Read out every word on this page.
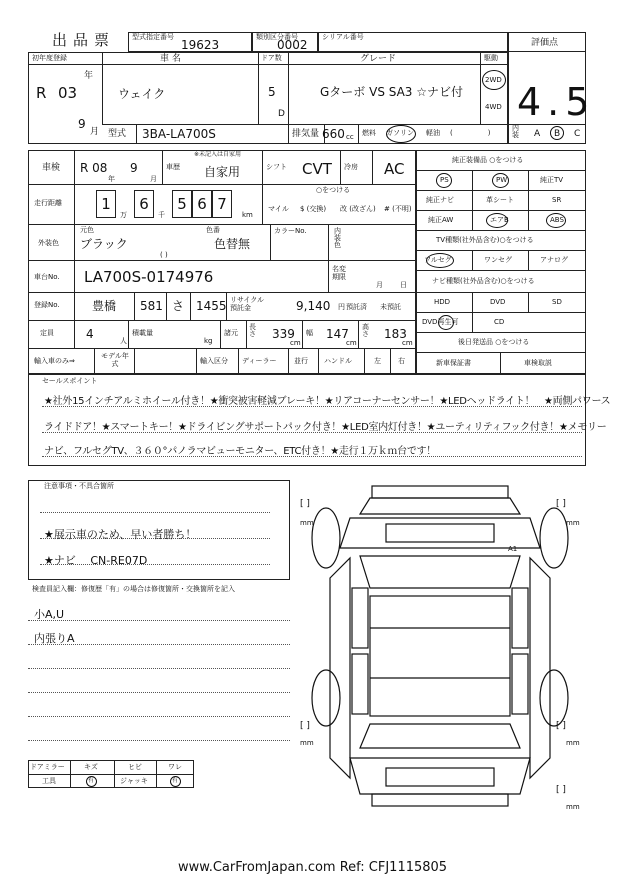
出品票 型式指定番号
19623
類別区分番号
0002
シリアル番号
評価点
4.5
初年度登録
R 03
年
9
月
車 名
ウェイク
ドア数
5
D
グレード
Gターボ VS SA3 ☆ナビ付
駆動
2WD
4WD
型式 3BA-LA700S	排気量 660 cc 燃料 ガソリン 軽油 (　　　　　)
内装	A B C
車検 R 08
年
9
月
車歴
※未記入は自家用
自家用	シフト CVT 冷房 AC
走行距離	1
万
6
千
5 6 7
km
○をつける
マイル $ (交換) 改 (改ざん) # (不明)
外装色
元色
ブラック
色番
色替無
( )
カラーNo.	内装色
車台No. LA700S-0174976	名変期限
月 日
登録No.	豊橋 581 さ 1455 リサイクル預託金	9,140 円 預託済 未預託
定員	4	人
積載量
kg
諸元
長さ 339
cm
幅 147
cm
高さ 183
cm
輸入車のみ⇒
モデル年式	輸入区分 ディーラー	並行 ハンドル	左 右
純正装備品 ○をつける
PS	PW	純正TV
純正ナビ	革シート	SR
純正AW	エアB	ABS
TV種類(社外品含む)○をつける
フルセグ	ワンセグ	アナログ
ナビ種類(社外品含む)○をつける
HDD	DVD	SD
DVD再生可	CD
後日発送品 ○をつける
新車保証書	車検取説
セールスポイント
★社外15インチアルミホイール付き！★衝突被害軽減ブレーキ！★リアコーナーセンサー！★LEDヘッドライト！　★両側パワース
ライドドア！★スマートキー！★ドライビングサポートパック付き！★LED室内灯付き！★ユーティリティフック付き！★メモリー
ナビ、フルセグTV、３６０°パノラマビューモニター、ETC付き！★走行１万ｋｍ台です！
注意事項・不具合箇所
★展示車のため、早い者勝ち！
★ナビ　 CN-RE07D
検査員記入欄：修復歴「有」の場合は修復箇所・交換箇所を記入
小A,U
内張りA
ドアミラー	キズ	ヒビ	ワレ
工具	有	ジャッキ	有
[ ]
mm
[ ]
mm
[ ]
mm
[ ]
mm
[ ]
mm
A1
www.CarFromJapan.com Ref: CFJ1115805
